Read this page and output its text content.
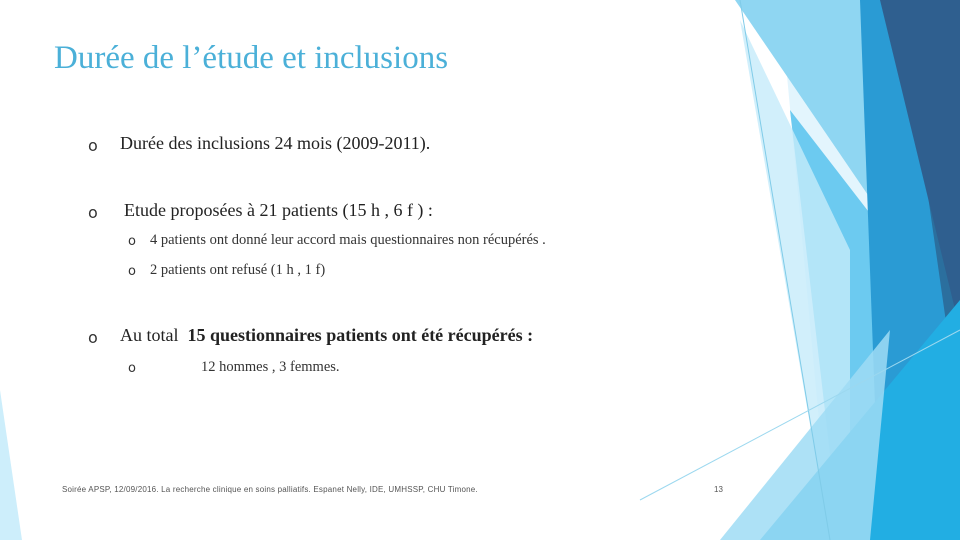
Durée de l’étude et inclusions
o Durée des inclusions 24 mois (2009-2011).
o Etude proposées à 21 patients (15 h , 6 f ) :
o 4 patients ont donné leur accord mais questionnaires non récupérés .
o 2 patients ont refusé (1 h , 1 f)
o Au total 15 questionnaires patients ont été récupérés :
o	12 hommes , 3 femmes.
Soirée APSP, 12/09/2016. La recherche clinique en soins palliatifs. Espanet Nelly, IDE, UMHSSP, CHU Timone.	13
